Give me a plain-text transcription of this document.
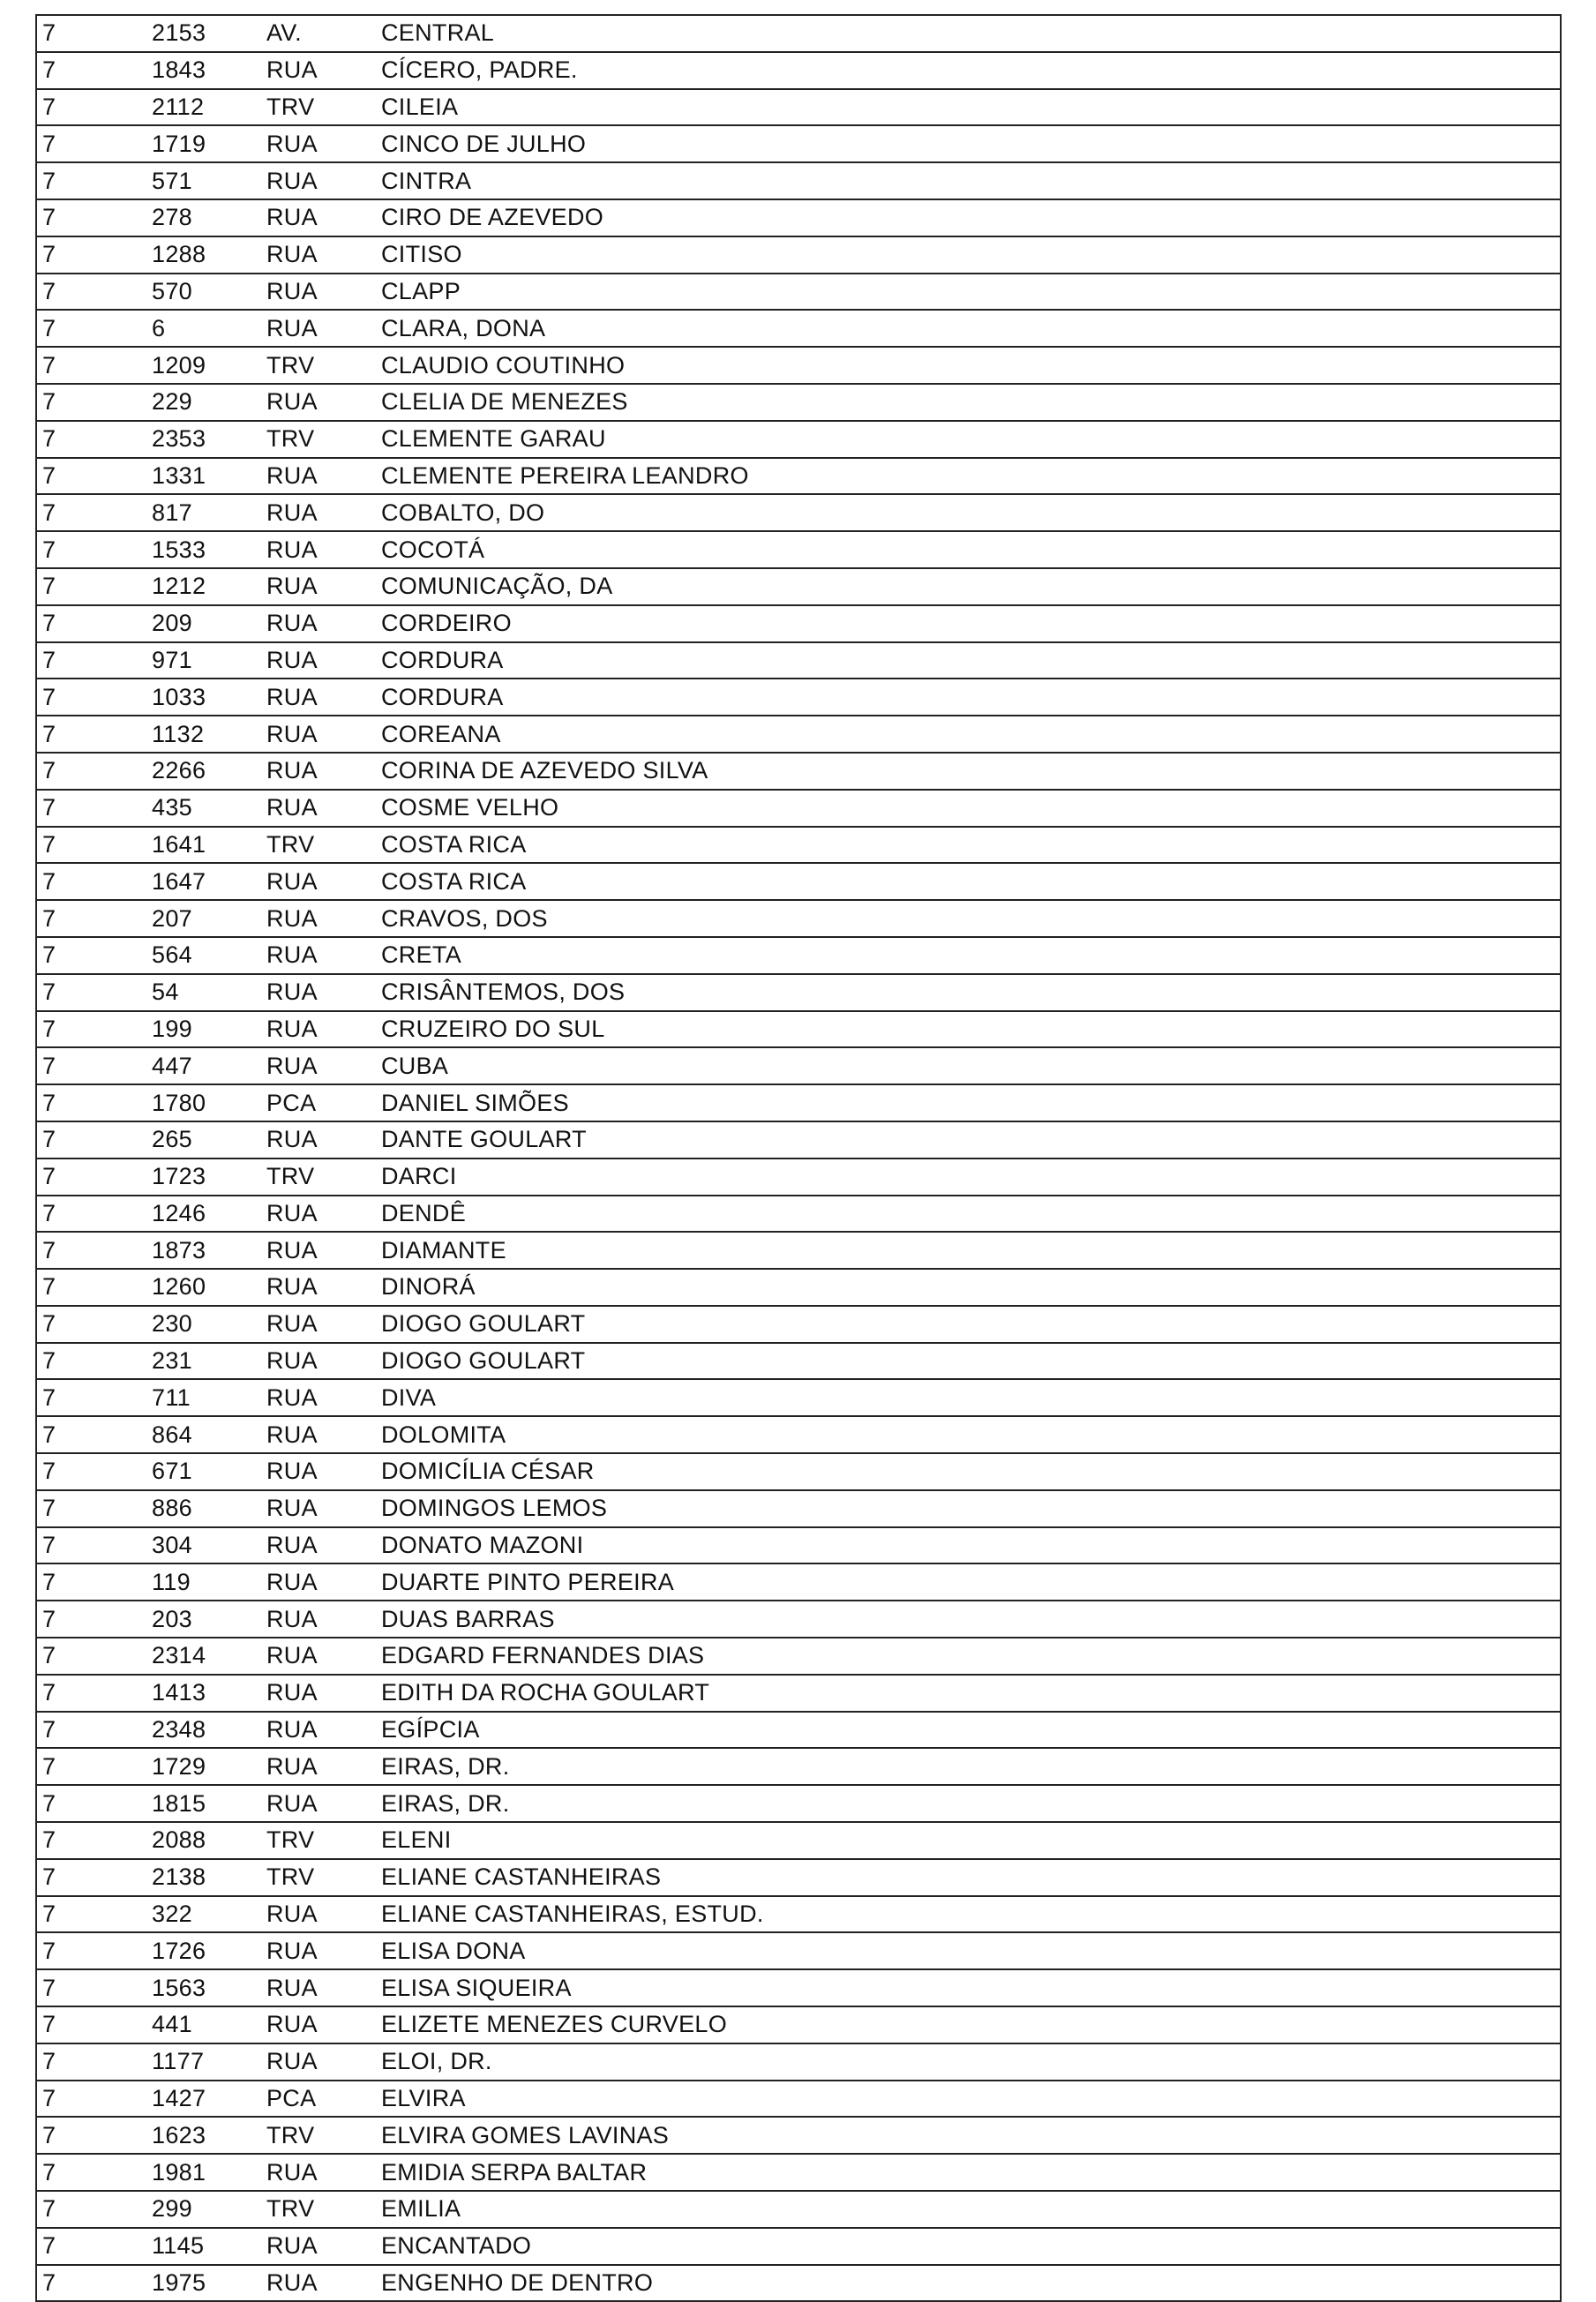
7	2153	AV.	CENTRAL
7	1843	RUA	CÍCERO, PADRE.
7	2112	TRV	CILEIA
7	1719	RUA	CINCO DE JULHO
7	571	RUA	CINTRA
7	278	RUA	CIRO DE AZEVEDO
7	1288	RUA	CITISO
7	570	RUA	CLAPP
7	6	RUA	CLARA, DONA
7	1209	TRV	CLAUDIO COUTINHO
7	229	RUA	CLELIA DE MENEZES
7	2353	TRV	CLEMENTE GARAU
7	1331	RUA	CLEMENTE PEREIRA LEANDRO
7	817	RUA	COBALTO, DO
7	1533	RUA	COCOTÁ
7	1212	RUA	COMUNICAÇÃO, DA
7	209	RUA	CORDEIRO
7	971	RUA	CORDURA
7	1033	RUA	CORDURA
7	1132	RUA	COREANA
7	2266	RUA	CORINA DE AZEVEDO SILVA
7	435	RUA	COSME VELHO
7	1641	TRV	COSTA RICA
7	1647	RUA	COSTA RICA
7	207	RUA	CRAVOS, DOS
7	564	RUA	CRETA
7	54	RUA	CRISÂNTEMOS, DOS
7	199	RUA	CRUZEIRO DO SUL
7	447	RUA	CUBA
7	1780	PCA	DANIEL SIMÕES
7	265	RUA	DANTE GOULART
7	1723	TRV	DARCI
7	1246	RUA	DENDÊ
7	1873	RUA	DIAMANTE
7	1260	RUA	DINORÁ
7	230	RUA	DIOGO GOULART
7	231	RUA	DIOGO GOULART
7	711	RUA	DIVA
7	864	RUA	DOLOMITA
7	671	RUA	DOMICÍLIA CÉSAR
7	886	RUA	DOMINGOS LEMOS
7	304	RUA	DONATO MAZONI
7	119	RUA	DUARTE PINTO PEREIRA
7	203	RUA	DUAS BARRAS
7	2314	RUA	EDGARD FERNANDES DIAS
7	1413	RUA	EDITH DA ROCHA GOULART
7	2348	RUA	EGÍPCIA
7	1729	RUA	EIRAS, DR.
7	1815	RUA	EIRAS, DR.
7	2088	TRV	ELENI
7	2138	TRV	ELIANE CASTANHEIRAS
7	322	RUA	ELIANE CASTANHEIRAS, ESTUD.
7	1726	RUA	ELISA DONA
7	1563	RUA	ELISA SIQUEIRA
7	441	RUA	ELIZETE MENEZES CURVELO
7	1177	RUA	ELOI, DR.
7	1427	PCA	ELVIRA
7	1623	TRV	ELVIRA GOMES LAVINAS
7	1981	RUA	EMIDIA SERPA BALTAR
7	299	TRV	EMILIA
7	1145	RUA	ENCANTADO
7	1975	RUA	ENGENHO DE DENTRO
